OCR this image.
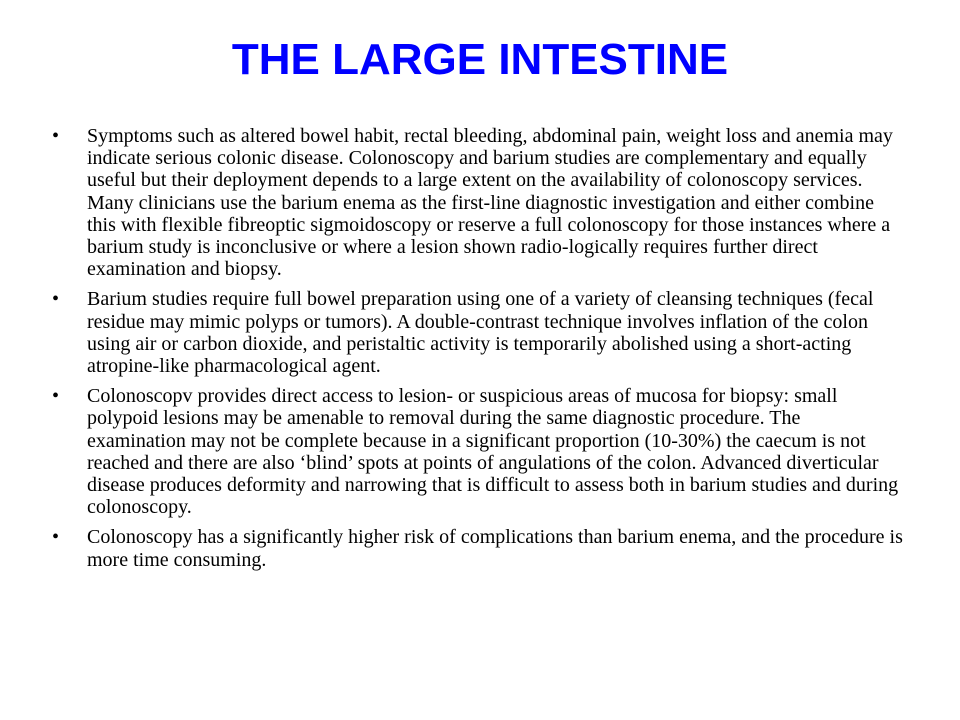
THE LARGE INTESTINE
•	Symptoms such as altered bowel habit, rectal bleeding, abdominal pain, weight loss and anemia may indicate serious colonic disease. Colonoscopy and barium studies are complementary and equally useful but their deployment depends to a large extent on the availability of colonoscopy services. Many clinicians use the barium enema as the first-line diagnostic investigation and either combine this with flexible fibreoptic sigmoidoscopy or reserve a full colonoscopy for those instances where a barium study is inconclusive or where a lesion shown radio-logically requires further direct examination and biopsy.
•	Barium studies require full bowel preparation using one of a variety of cleansing techniques (fecal residue may mimic polyps or tumors). A double-contrast technique involves inflation of the colon using air or carbon dioxide, and peristaltic activity is temporarily abolished using a short-acting atropine-like pharmacological agent.
•	Colonoscopv provides direct access to lesion- or suspicious areas of mucosa for biopsy: small polypoid lesions may be amenable to removal during the same diagnostic procedure. The examination may not be complete because in a significant proportion (10-30%) the caecum is not reached and there are also ‘blind’ spots at points of angulations of the colon. Advanced diverticular disease produces deformity and narrowing that is difficult to assess both in barium studies and during colonoscopy.
•	Colonoscopy has a significantly higher risk of complications than barium enema, and the procedure is more time consuming.
